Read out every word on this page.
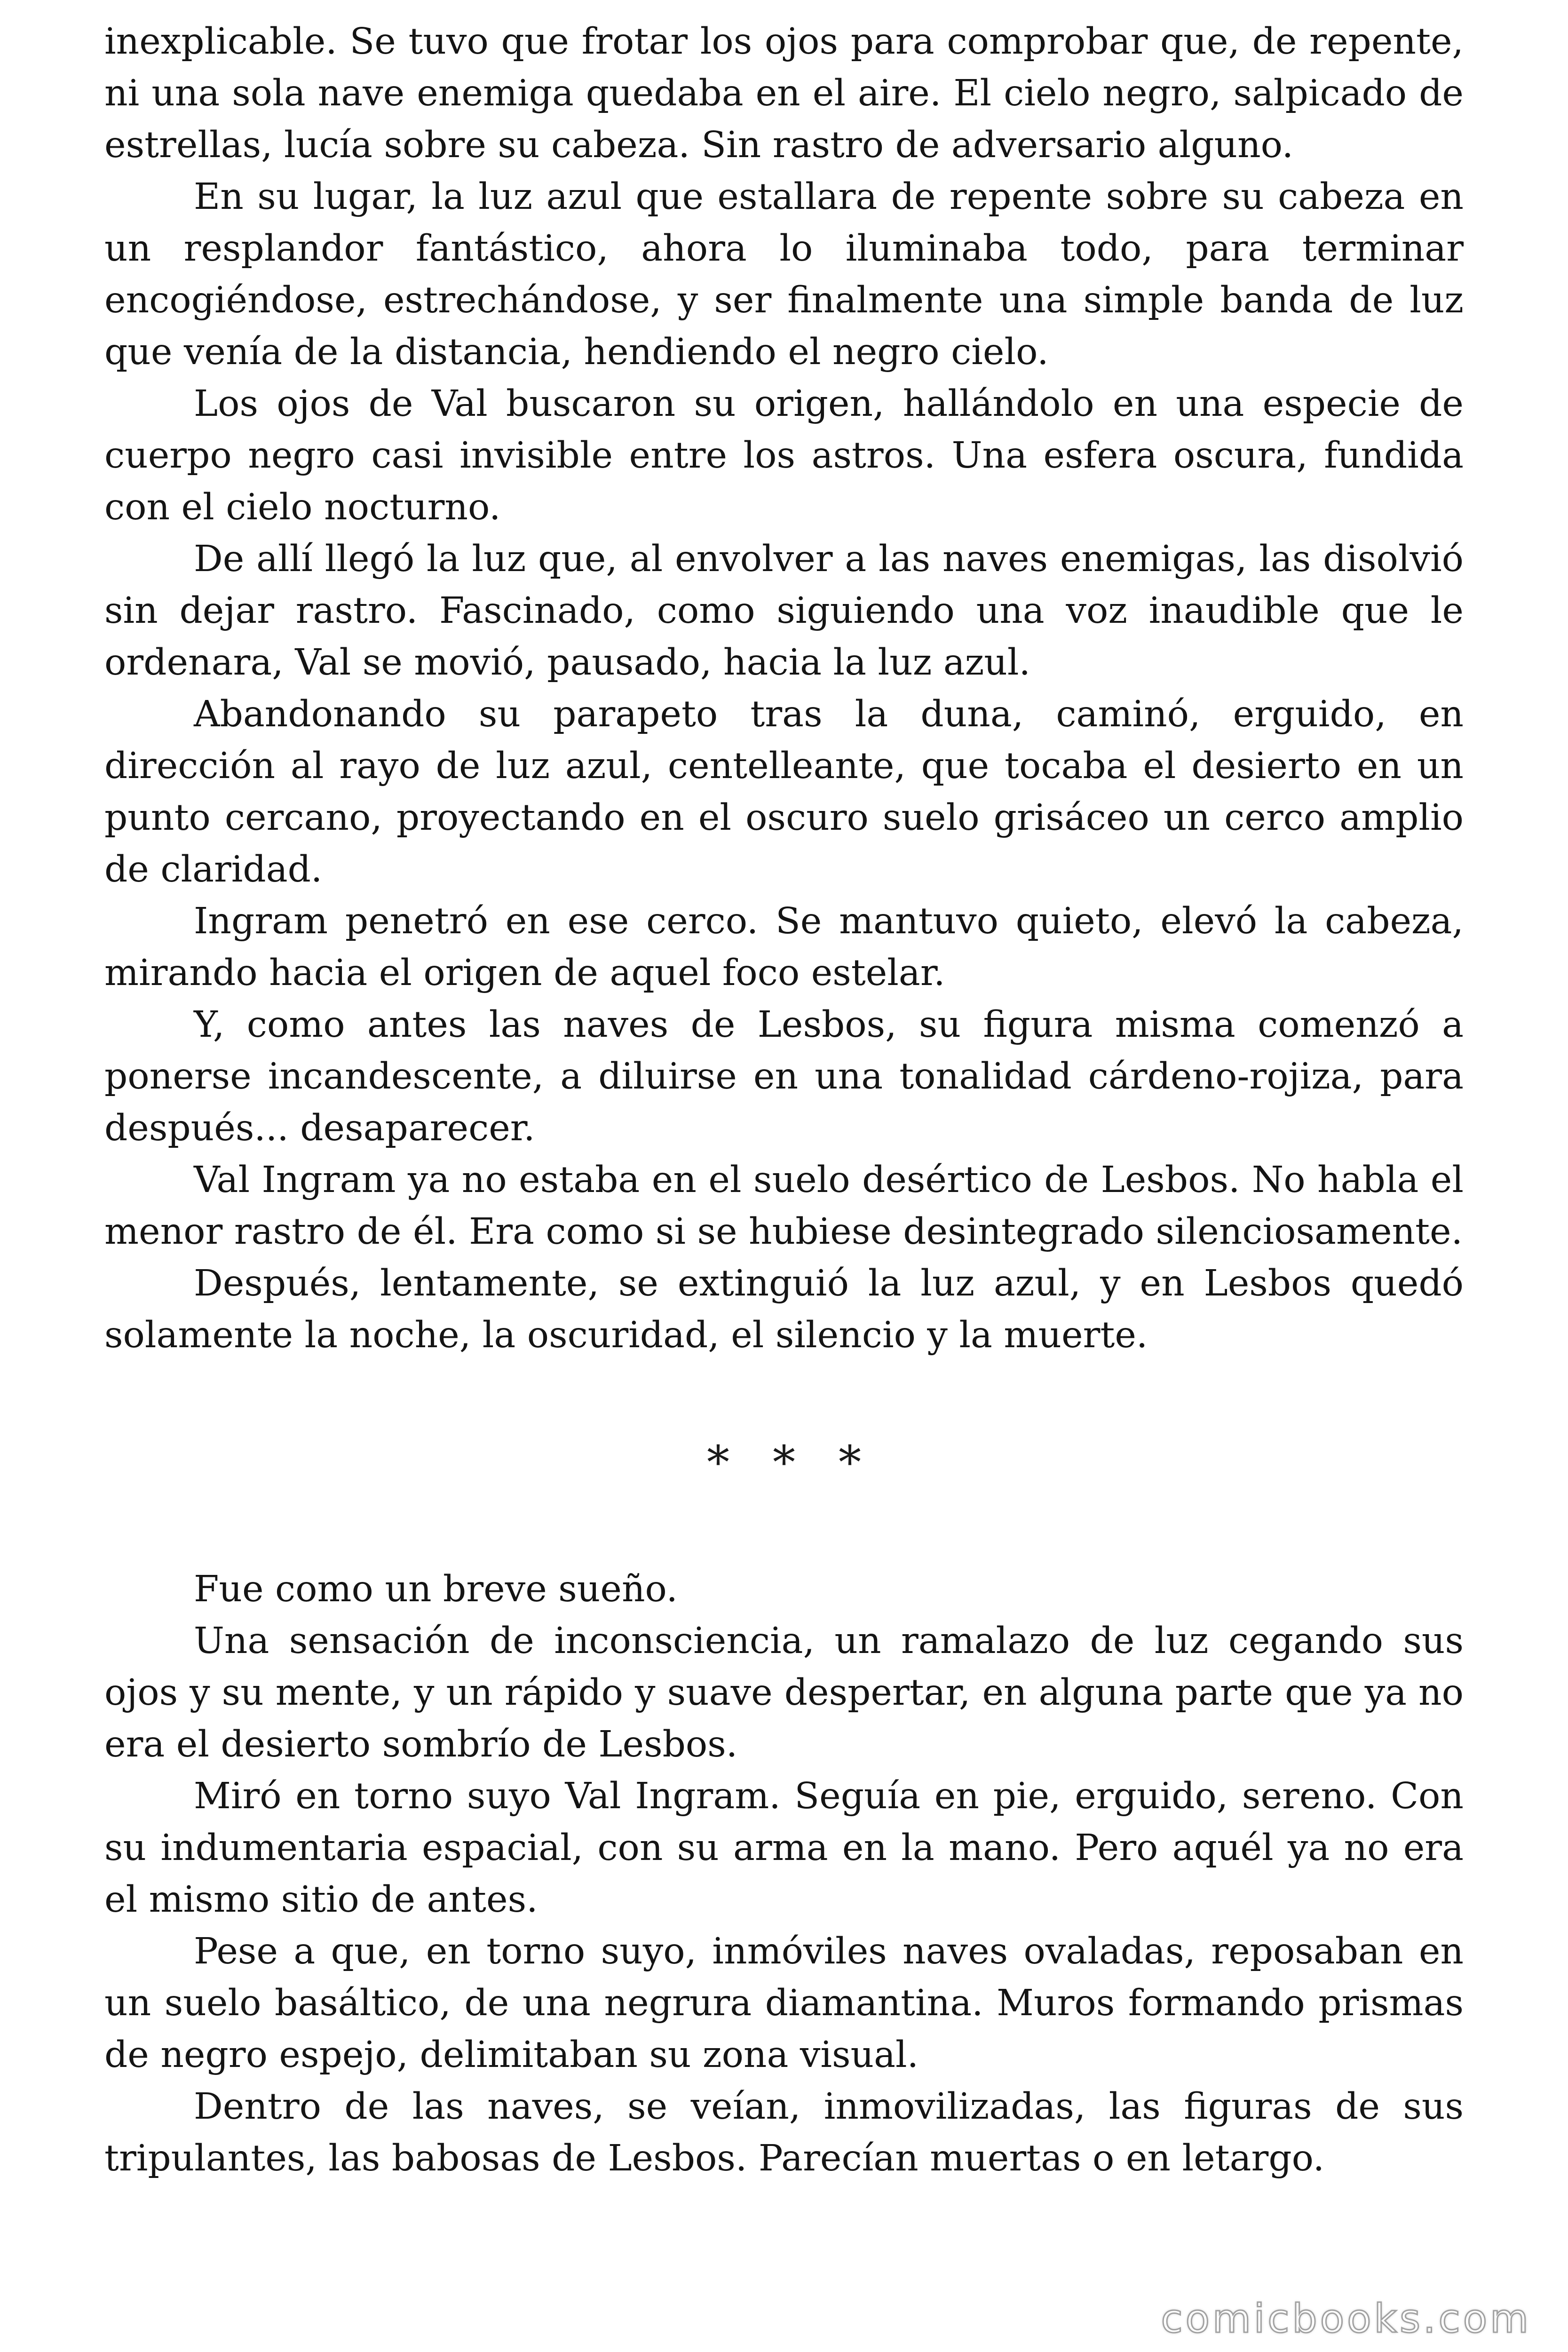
inexplicable. Se tuvo que frotar los ojos para comprobar que, de repente, ni una sola nave enemiga quedaba en el aire. El cielo negro, salpicado de estrellas, lucía sobre su cabeza. Sin rastro de adversario alguno.

En su lugar, la luz azul que estallara de repente sobre su cabeza en un resplandor fantástico, ahora lo iluminaba todo, para terminar encogiéndose, estrechándose, y ser finalmente una simple banda de luz que venía de la distancia, hendiendo el negro cielo.

Los ojos de Val buscaron su origen, hallándolo en una especie de cuerpo negro casi invisible entre los astros. Una esfera oscura, fundida con el cielo nocturno.

De allí llegó la luz que, al envolver a las naves enemigas, las disolvió sin dejar rastro. Fascinado, como siguiendo una voz inaudible que le ordenara, Val se movió, pausado, hacia la luz azul.

Abandonando su parapeto tras la duna, caminó, erguido, en dirección al rayo de luz azul, centelleante, que tocaba el desierto en un punto cercano, proyectando en el oscuro suelo grisáceo un cerco amplio de claridad.

Ingram penetró en ese cerco. Se mantuvo quieto, elevó la cabeza, mirando hacia el origen de aquel foco estelar.

Y, como antes las naves de Lesbos, su figura misma comenzó a ponerse incandescente, a diluirse en una tonalidad cárdeno-rojiza, para después... desaparecer.

Val Ingram ya no estaba en el suelo desértico de Lesbos. No habla el menor rastro de él. Era como si se hubiese desintegrado silenciosamente.

Después, lentamente, se extinguió la luz azul, y en Lesbos quedó solamente la noche, la oscuridad, el silencio y la muerte.

* * *

Fue como un breve sueño.

Una sensación de inconsciencia, un ramalazo de luz cegando sus ojos y su mente, y un rápido y suave despertar, en alguna parte que ya no era el desierto sombrío de Lesbos.

Miró en torno suyo Val Ingram. Seguía en pie, erguido, sereno. Con su indumentaria espacial, con su arma en la mano. Pero aquél ya no era el mismo sitio de antes.

Pese a que, en torno suyo, inmóviles naves ovaladas, reposaban en un suelo basáltico, de una negrura diamantina. Muros formando prismas de negro espejo, delimitaban su zona visual.

Dentro de las naves, se veían, inmovilizadas, las figuras de sus tripulantes, las babosas de Lesbos. Parecían muertas o en letargo.

comicbooks.com
